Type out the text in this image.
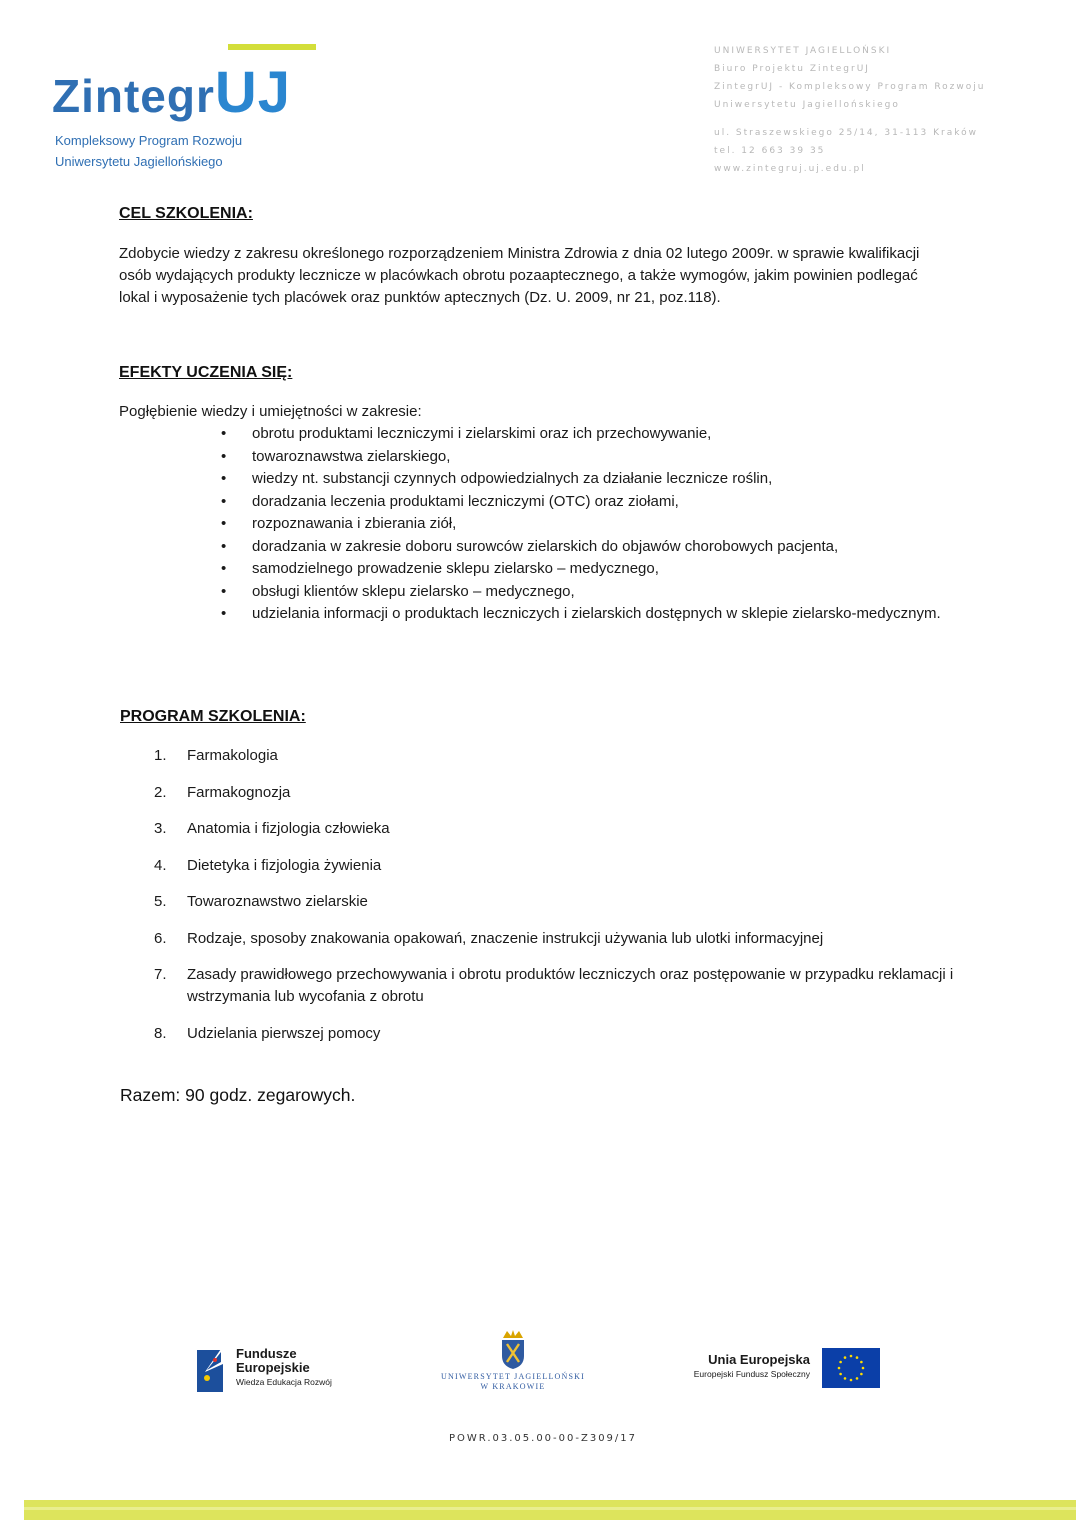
ZintegrUJ
Kompleksowy Program Rozwoju
Uniwersytetu Jagiellońskiego
UNIWERSYTET JAGIELLOŃSKI
Biuro Projektu ZintegrUJ
ZintegrUJ - Kompleksowy Program Rozwoju
Uniwersytetu Jagiellońskiego
ul. Straszewskiego 25/14, 31-113 Kraków
tel. 12 663 39 35
www.zintegruj.uj.edu.pl
CEL SZKOLENIA:
Zdobycie wiedzy z zakresu określonego rozporządzeniem Ministra Zdrowia z dnia 02 lutego 2009r. w sprawie kwalifikacji
osób wydających produkty lecznicze w placówkach obrotu pozaaptecznego, a także wymogów, jakim powinien podlegać
lokal i wyposażenie tych placówek oraz punktów aptecznych (Dz. U. 2009, nr 21, poz.118).
EFEKTY UCZENIA SIĘ:
Pogłębienie wiedzy i umiejętności w zakresie:
• obrotu produktami leczniczymi i zielarskimi oraz ich przechowywanie,
• towaroznawstwa zielarskiego,
• wiedzy nt. substancji czynnych odpowiedzialnych za działanie lecznicze roślin,
• doradzania leczenia produktami leczniczymi (OTC) oraz ziołami,
• rozpoznawania i zbierania ziół,
• doradzania w zakresie doboru surowców zielarskich do objawów chorobowych pacjenta,
• samodzielnego prowadzenie sklepu zielarsko – medycznego,
• obsługi klientów sklepu zielarsko – medycznego,
• udzielania informacji o produktach leczniczych i zielarskich dostępnych w sklepie zielarsko-medycznym.
PROGRAM SZKOLENIA:
1. Farmakologia
2. Farmakognozja
3. Anatomia i fizjologia człowieka
4. Dietetyka i fizjologia żywienia
5. Towaroznawstwo zielarskie
6. Rodzaje, sposoby znakowania opakowań, znaczenie instrukcji używania lub ulotki informacyjnej
7. Zasady prawidłowego przechowywania i obrotu produktów leczniczych oraz postępowanie w przypadku reklamacji i wstrzymania lub wycofania z obrotu
8. Udzielania pierwszej pomocy
Razem: 90 godz. zegarowych.
Fundusze
Europejskie
Wiedza Edukacja Rozwój
UNIWERSYTET JAGIELLOŃSKI
W KRAKOWIE
Unia Europejska
Europejski Fundusz Społeczny
POWR.03.05.00-00-Z309/17
